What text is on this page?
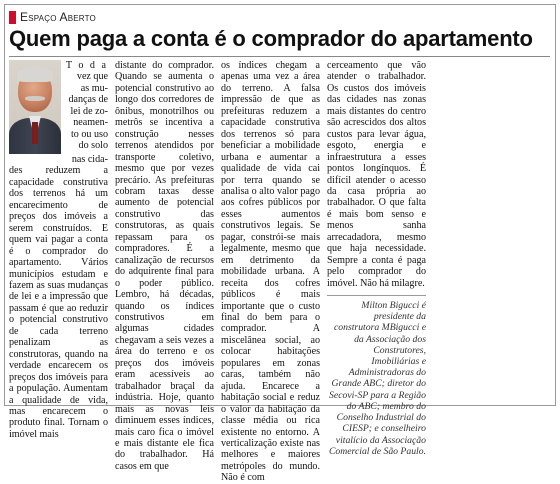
Espaço Aberto
Quem paga a conta é o comprador do apartamento

T o d a

vez que

as mu-

danças de

lei de zo-

neamen-

to ou uso

do solo

nas cida-

des reduzem a capacidade construtiva dos terrenos há um encarecimento de preços dos imóveis a serem construídos. E quem vai pagar a conta é o comprador do apartamento. Vários municípios estudam e fazem as suas mudanças de lei e a impressão que passam é que ao reduzir o potencial construtivo de cada terreno penalizam as construtoras, quando na verdade encarecem os preços dos imóveis para a população. Aumentam a qualidade de vida, mas encarecem o produto final. Tornam o imóvel mais

distante do comprador. Quando se aumenta o potencial construtivo ao longo dos corredores de ônibus, monotrilhos ou metrôs se incentiva a construção nesses terrenos atendidos por transporte coletivo, mesmo que por vezes precário. As prefeituras cobram taxas desse aumento de potencial construtivo das construtoras, as quais repassam para os compradores. É a canalização de recursos do adquirente final para o poder público. Lembro, há décadas, quando os índices construtivos em algumas cidades chegavam a seis vezes a área do terreno e os preços dos imóveis eram acessíveis ao trabalhador braçal da indústria. Hoje, quanto mais as novas leis diminuem esses índices, mais caro fica o imóvel e mais distante ele fica do trabalhador. Há casos em que

os índices chegam a apenas uma vez a área do terreno. A falsa impressão de que as prefeituras reduzem a capacidade construtiva dos terrenos só para beneficiar a mobilidade urbana e aumentar a qualidade de vida cai por terra quando se analisa o alto valor pago aos cofres públicos por esses aumentos construtivos legais. Se pagar, constrói-se mais legalmente, mesmo que em detrimento da mobilidade urbana. A receita dos cofres públicos é mais importante que o custo final do bem para o comprador. A miscelânea social, ao colocar habitações populares em zonas caras, também não ajuda. Encarece a habitação social e reduz o valor da habitação da classe média ou rica existente no entorno. A verticalização existe nas melhores e maiores metrópoles do mundo. Não é com

cerceamento que vão atender o trabalhador. Os custos dos imóveis das cidades nas zonas mais distantes do centro são acrescidos dos altos custos para levar água, esgoto, energia e infraestrutura a esses pontos longínquos. É difícil atender o acesso da casa própria ao trabalhador. O que falta é mais bom senso e menos sanha arrecadadora, mesmo que haja necessidade. Sempre a conta é paga pelo comprador do imóvel. Não há milagre.

Milton Bigucci é presidente da construtora MBigucci e da Associação dos Construtores, Imobiliárias e Administradoras do Grande ABC; diretor do Secovi-SP para a Região do ABC; membro do Conselho Industrial do CIESP; e conselheiro vitalício da Associação Comercial de São Paulo.
